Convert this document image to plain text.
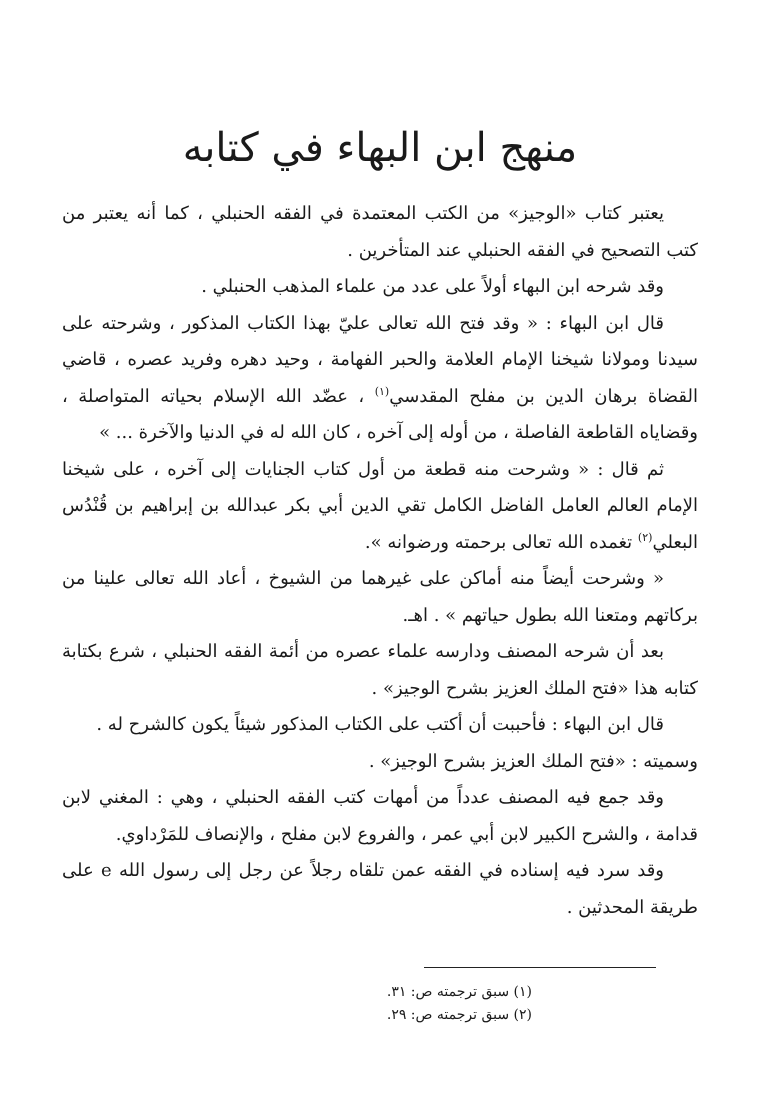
منهج ابن البهاء في كتابه

يعتبر كتاب «الوجيز» من الكتب المعتمدة في الفقه الحنبلي ، كما أنه يعتبر من كتب التصحيح في الفقه الحنبلي عند المتأخرين .

وقد شرحه ابن البهاء أولاً على عدد من علماء المذهب الحنبلي .

قال ابن البهاء : « وقد فتح الله تعالى عليّ بهذا الكتاب المذكور ، وشرحته على سيدنا ومولانا شيخنا الإمام العلامة والحبر الفهامة ، وحيد دهره وفريد عصره ، قاضي القضاة برهان الدين بن مفلح المقدسي$^{(١)}$ ، عضّد الله الإسلام بحياته المتواصلة ، وقضاياه القاطعة الفاصلة ، من أوله إلى آخره ، كان الله له في الدنيا والآخرة ... »

ثم قال : « وشرحت منه قطعة من أول كتاب الجنايات إلى آخره ، على شيخنا الإمام العالم العامل الفاضل الكامل تقي الدين أبي بكر عبدالله بن إبراهيم بن قُنْدُس البعلي$^{(٢)}$ تغمده الله تعالى برحمته ورضوانه ».

« وشرحت أيضاً منه أماكن على غيرهما من الشيوخ ، أعاد الله تعالى علينا من بركاتهم ومتعنا الله بطول حياتهم » . اهـ.

بعد أن شرحه المصنف ودارسه علماء عصره من أئمة الفقه الحنبلي ، شرع بكتابة كتابه هذا «فتح الملك العزيز بشرح الوجيز» .

قال ابن البهاء : فأحببت أن أكتب على الكتاب المذكور شيئاً يكون كالشرح له .

وسميته : «فتح الملك العزيز بشرح الوجيز» .

وقد جمع فيه المصنف عدداً من أمهات كتب الفقه الحنبلي ، وهي : المغني لابن قدامة ، والشرح الكبير لابن أبي عمر ، والفروع لابن مفلح ، والإنصاف للمَرْداوي.

وقد سرد فيه إسناده في الفقه عمن تلقاه رجلاً عن رجل إلى رسول الله e على طريقة المحدثين .

(١) سبق ترجمته ص: ٣١.
(٢) سبق ترجمته ص: ٢٩.
